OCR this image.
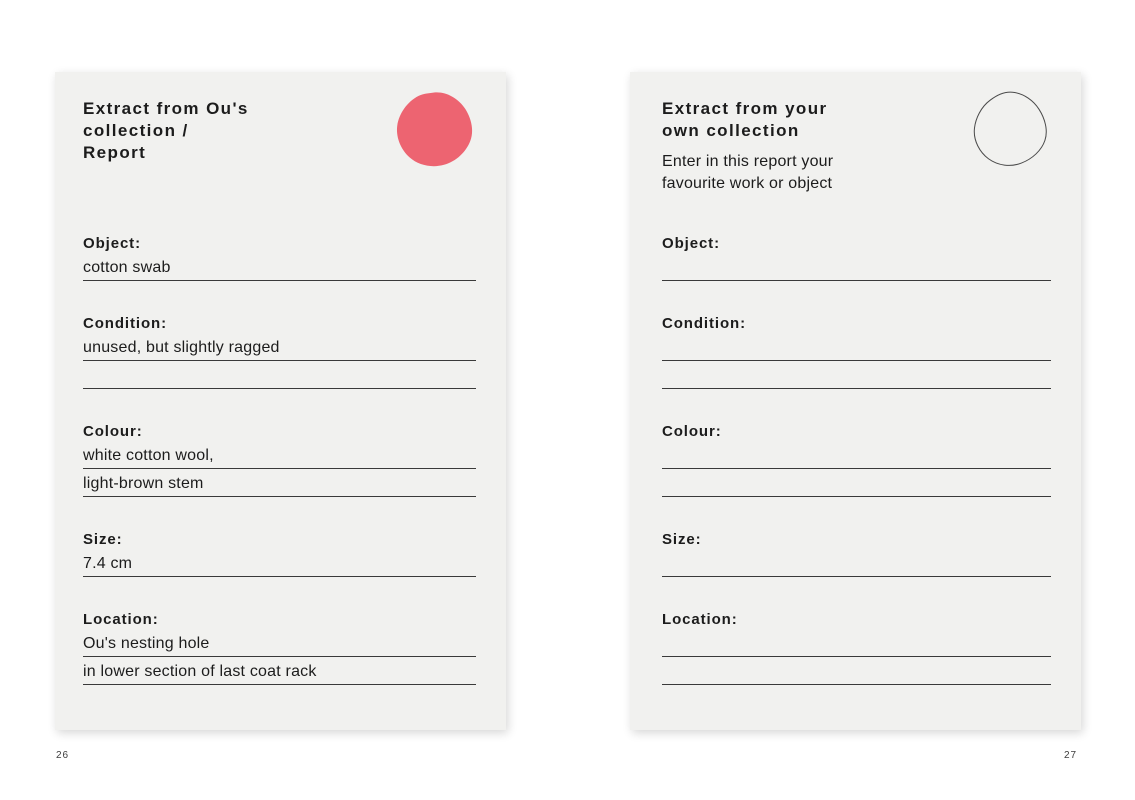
Extract from Ou's
collection /
Report
Object:
cotton swab
Condition:
unused, but slightly ragged
Colour:
white cotton wool,
light-brown stem
Size:
7.4 cm
Location:
Ou's nesting hole
in lower section of last coat rack
Extract from your
own collection
Enter in this report your
favourite work or object
Object:
Condition:
Colour:
Size:
Location:
26	27
